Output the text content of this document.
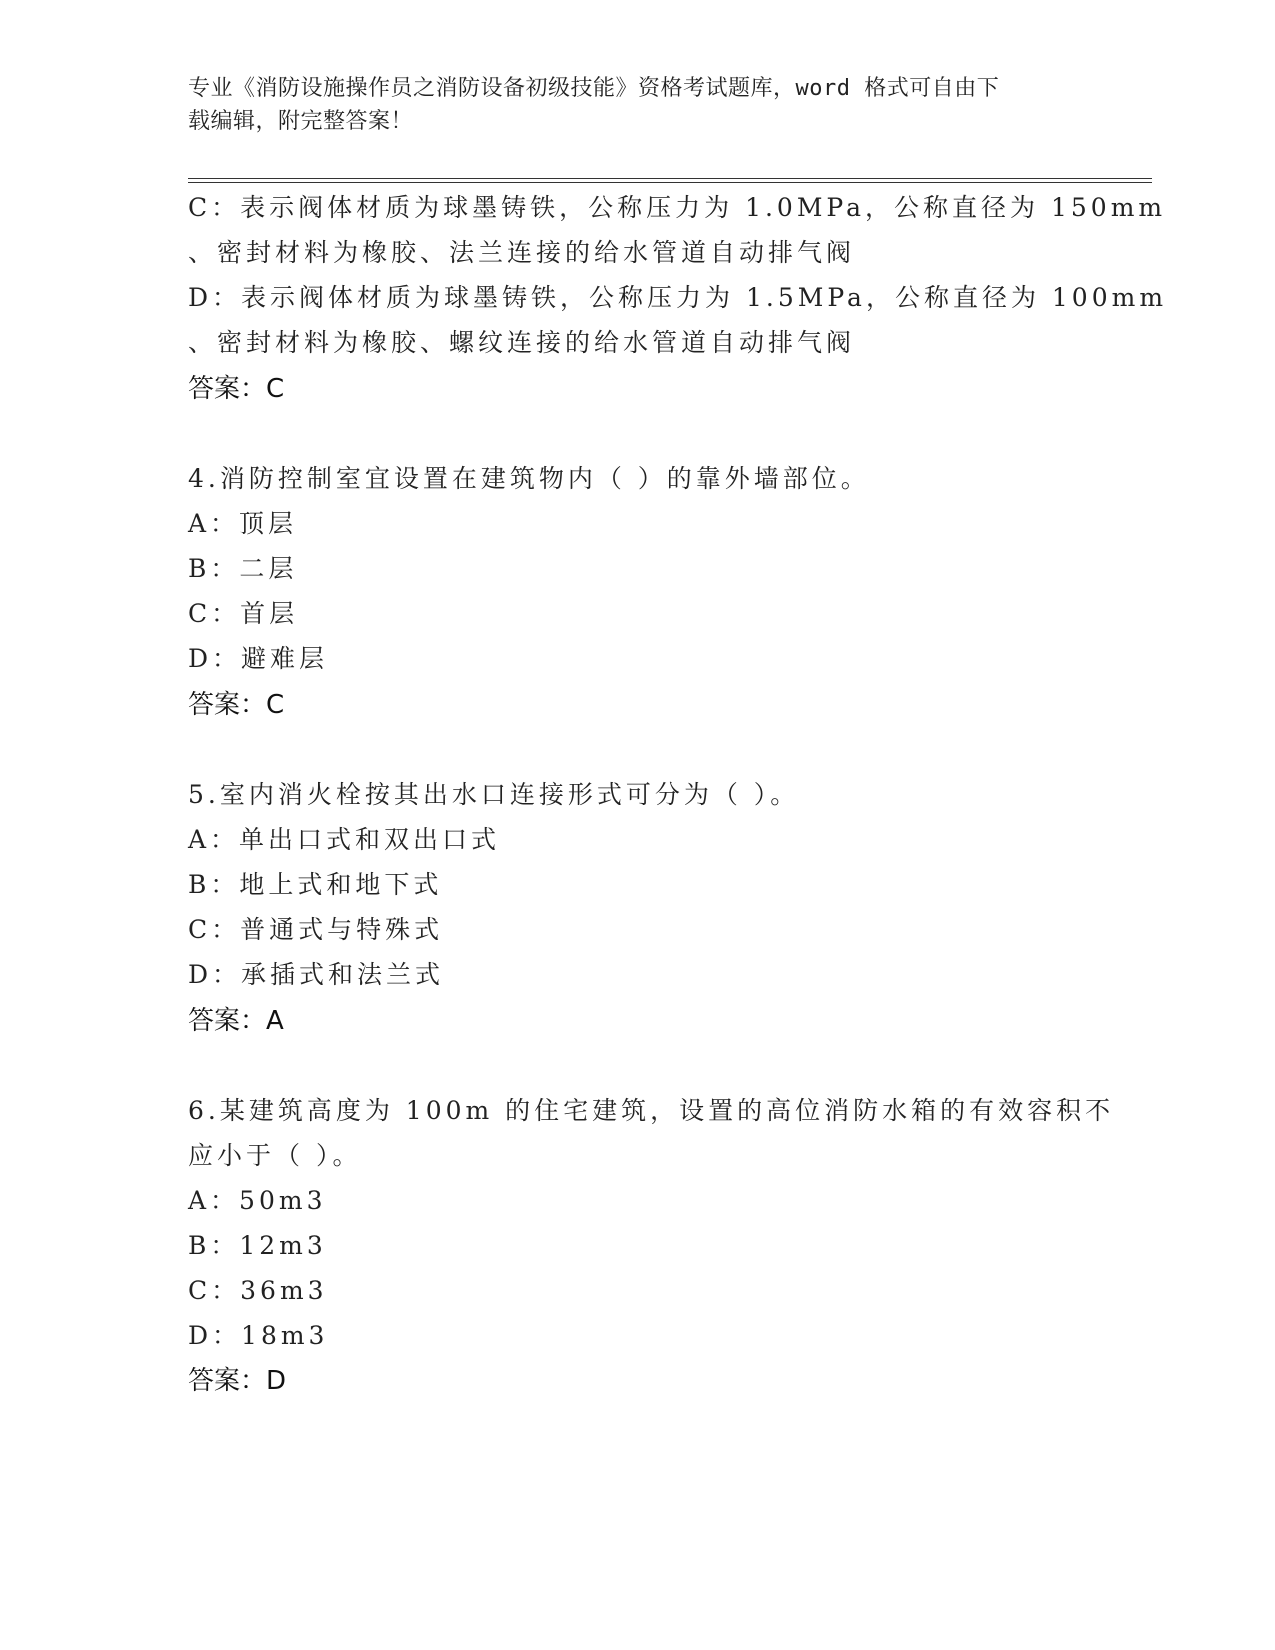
专业《消防设施操作员之消防设备初级技能》资格考试题库，word 格式可自由下
载编辑，附完整答案！
C：表示阀体材质为球墨铸铁，公称压力为 1.0MPa，公称直径为 150mm
、密封材料为橡胶、法兰连接的给水管道自动排气阀
D：表示阀体材质为球墨铸铁，公称压力为 1.5MPa，公称直径为 100mm
、密封材料为橡胶、螺纹连接的给水管道自动排气阀
答案：C
4.消防控制室宜设置在建筑物内（ ）的靠外墙部位。
A：顶层
B：二层
C：首层
D：避难层
答案：C
5.室内消火栓按其出水口连接形式可分为（ ）。
A：单出口式和双出口式
B：地上式和地下式
C：普通式与特殊式
D：承插式和法兰式
答案：A
6.某建筑高度为 100m 的住宅建筑，设置的高位消防水箱的有效容积不
应小于（ ）。
A：50m3
B：12m3
C：36m3
D：18m3
答案：D
